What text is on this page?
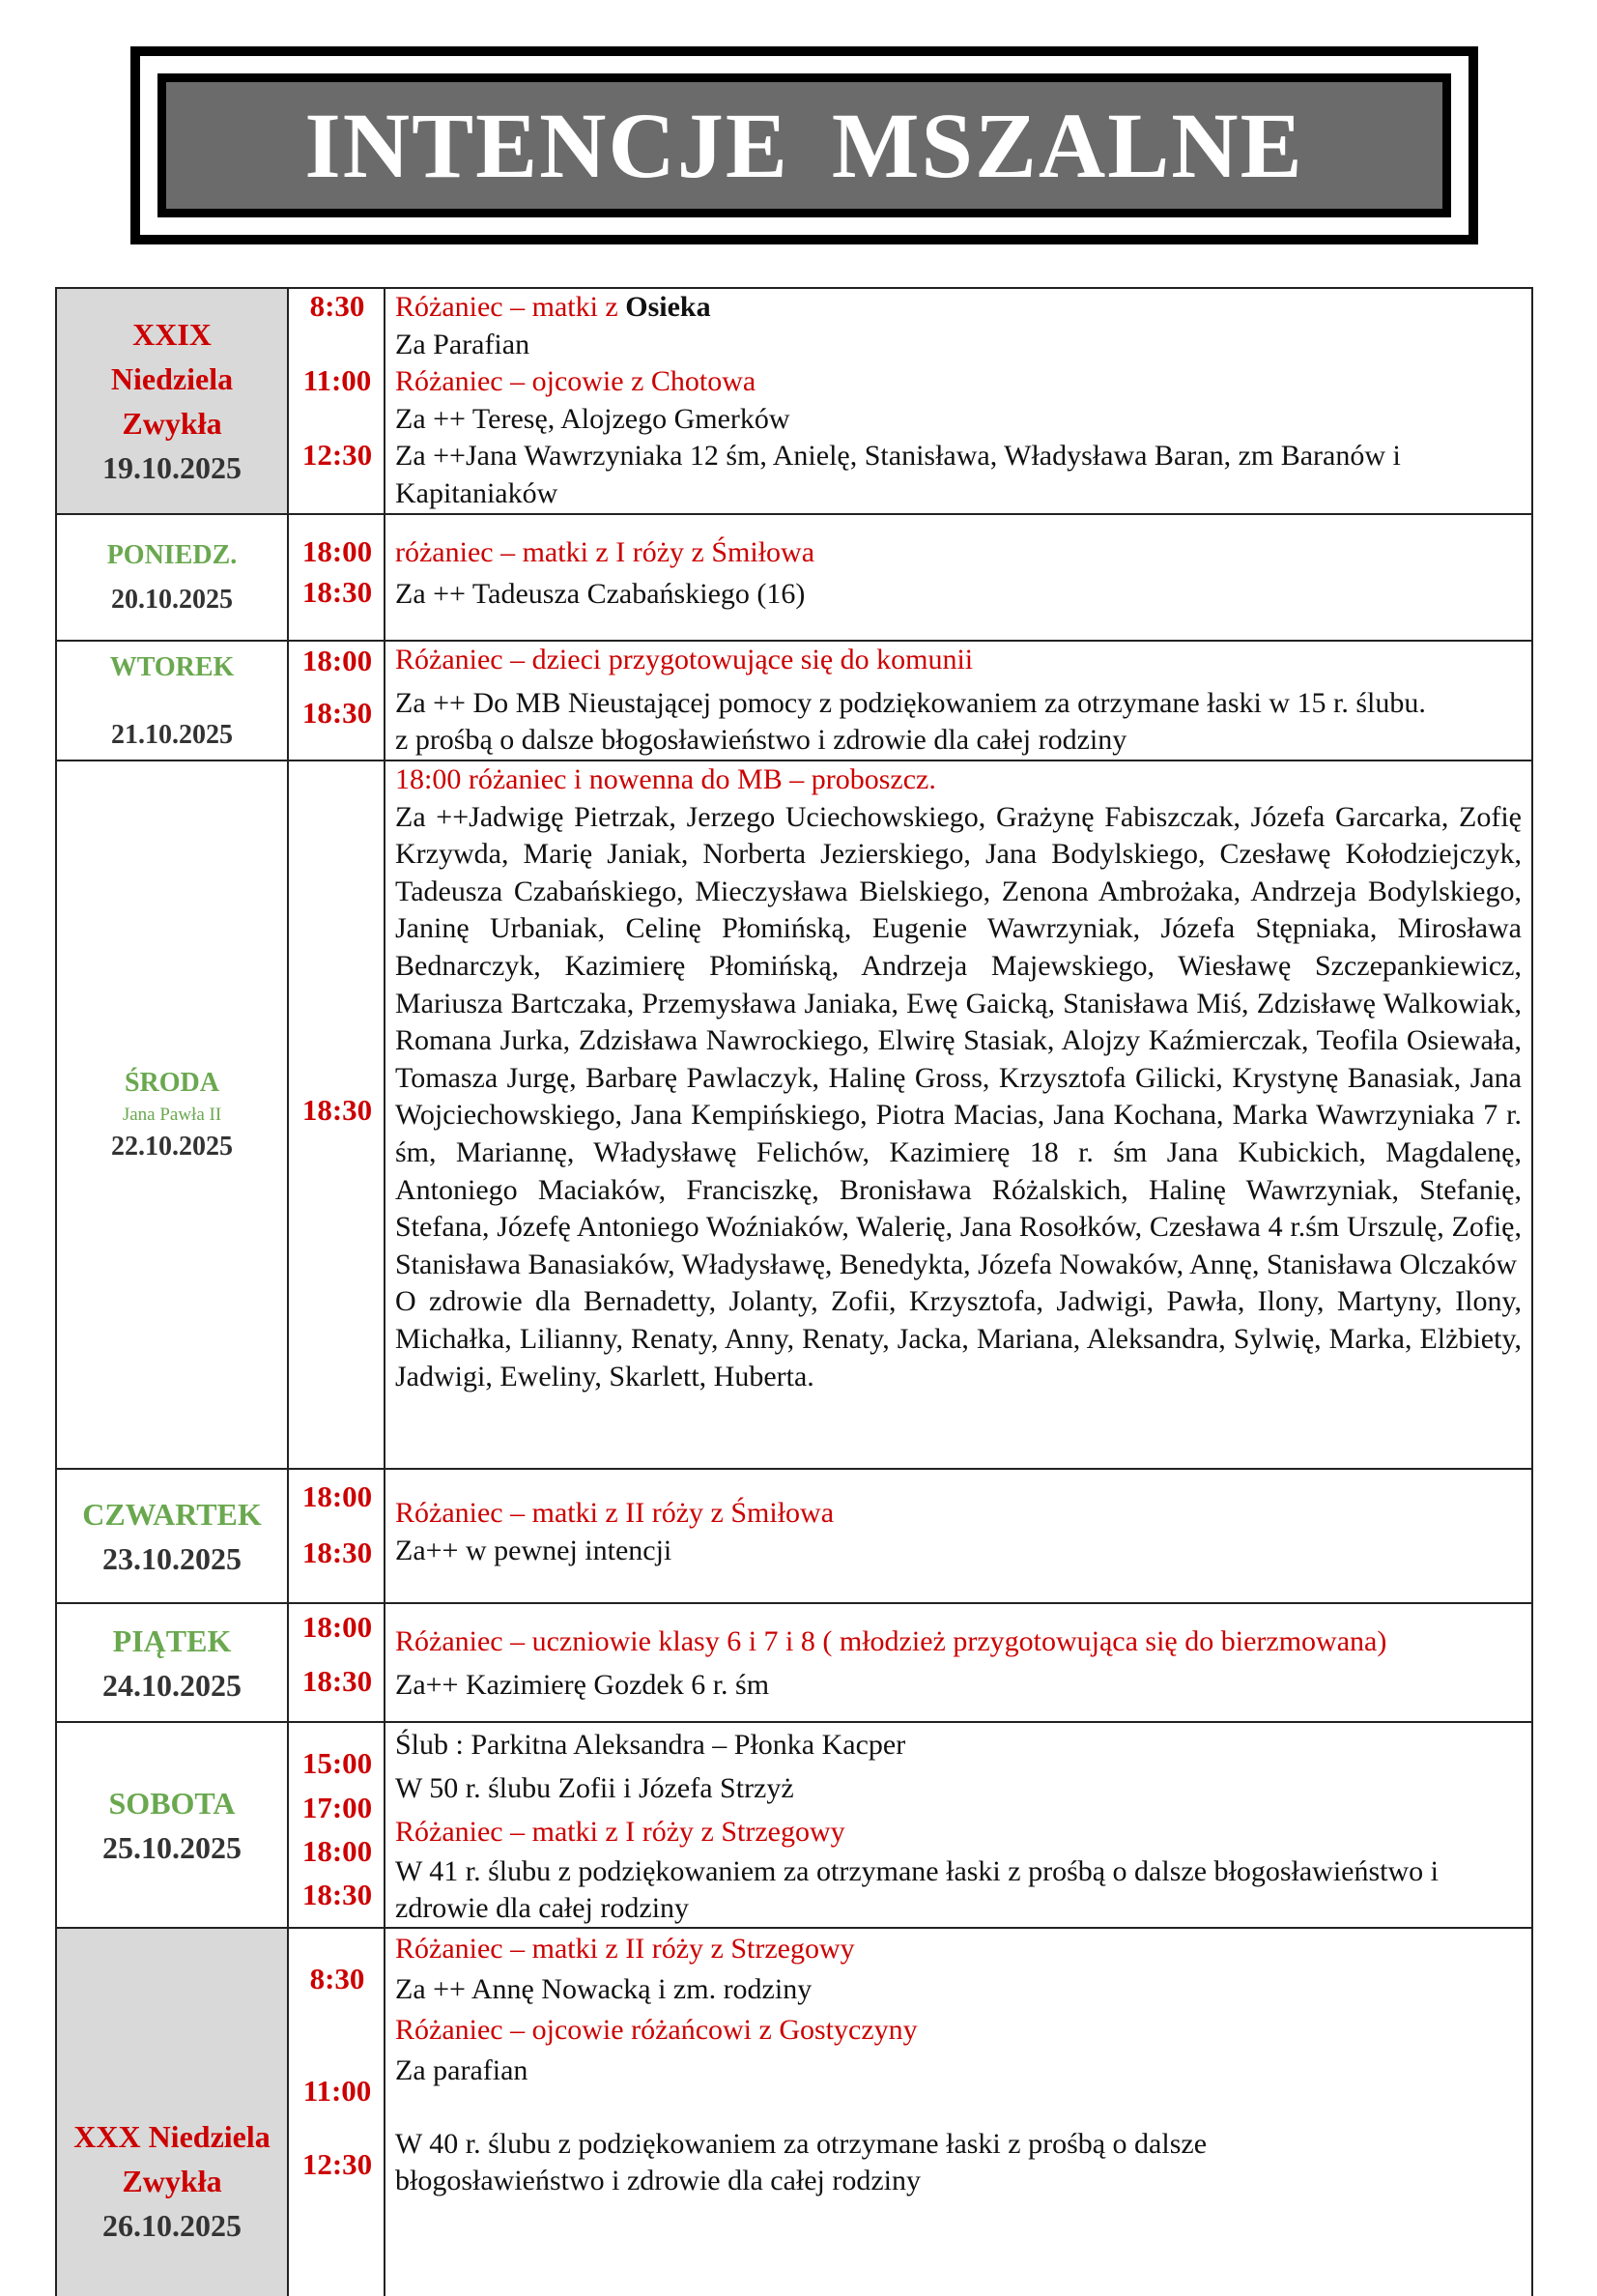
INTENCJE MSZALNE
XXIX
Niedziela
Zwykła
19.10.2025
8:30
11:00
12:30
Różaniec – matki z Osieka
Za Parafian
Różaniec – ojcowie z Chotowa
Za ++ Teresę, Alojzego Gmerków
Za ++Jana Wawrzyniaka 12 śm, Anielę, Stanisława, Władysława Baran, zm Baranów i Kapitaniaków
PONIEDZ.
20.10.2025
18:00
18:30
różaniec – matki z I róży z Śmiłowa
Za ++ Tadeusza Czabańskiego (16)
WTOREK
21.10.2025
18:00
18:30
Różaniec – dzieci przygotowujące się do komunii
Za ++ Do MB Nieustającej pomocy z podziękowaniem za otrzymane łaski w 15 r. ślubu.
z prośbą o dalsze błogosławieństwo i zdrowie dla całej rodziny
ŚRODA
Jana Pawła II
22.10.2025
18:30
18:00 różaniec i nowenna do MB – proboszcz.
Za ++Jadwigę Pietrzak, Jerzego Uciechowskiego, Grażynę Fabiszczak, Józefa Garcarka, Zofię Krzywda, Marię Janiak, Norberta Jezierskiego, Jana Bodylskiego, Czesławę Kołodziejczyk, Tadeusza Czabańskiego, Mieczysława Bielskiego, Zenona Ambrożaka, Andrzeja Bodylskiego, Janinę Urbaniak, Celinę Płomińską, Eugenie Wawrzyniak, Józefa Stępniaka, Mirosława Bednarczyk, Kazimierę Płomińską, Andrzeja Majewskiego, Wiesławę Szczepankiewicz, Mariusza Bartczaka, Przemysława Janiaka, Ewę Gaicką, Stanisława Miś, Zdzisławę Walkowiak, Romana Jurka, Zdzisława Nawrockiego, Elwirę Stasiak, Alojzy Kaźmierczak, Teofila Osiewała, Tomasza Jurgę, Barbarę Pawlaczyk, Halinę Gross, Krzysztofa Gilicki, Krystynę Banasiak, Jana Wojciechowskiego, Jana Kempińskiego, Piotra Macias, Jana Kochana, Marka Wawrzyniaka 7 r. śm, Mariannę, Władysławę Felichów, Kazimierę 18 r. śm Jana Kubickich, Magdalenę, Antoniego Maciaków, Franciszkę, Bronisława Różalskich, Halinę Wawrzyniak, Stefanię, Stefana, Józefę Antoniego Woźniaków, Walerię, Jana Rosołków, Czesława 4 r.śm Urszulę, Zofię, Stanisława Banasiaków, Władysławę, Benedykta, Józefa Nowaków, Annę, Stanisława Olczaków
O zdrowie dla Bernadetty, Jolanty, Zofii, Krzysztofa, Jadwigi, Pawła, Ilony, Martyny, Ilony, Michałka, Lilianny, Renaty, Anny, Renaty, Jacka, Mariana, Aleksandra, Sylwię, Marka, Elżbiety, Jadwigi, Eweliny, Skarlett, Huberta.
CZWARTEK
23.10.2025
18:00
18:30
Różaniec – matki z II róży z Śmiłowa
Za++ w pewnej intencji
PIĄTEK
24.10.2025
18:00
18:30
Różaniec – uczniowie klasy 6 i 7 i 8 ( młodzież przygotowująca się do bierzmowana)
Za++ Kazimierę Gozdek 6 r. śm
SOBOTA
25.10.2025
15:00
17:00
18:00
18:30
Ślub : Parkitna Aleksandra – Płonka Kacper
W 50 r. ślubu Zofii i Józefa Strzyż
Różaniec – matki z I róży z Strzegowy
W 41 r. ślubu z podziękowaniem za otrzymane łaski z prośbą o dalsze błogosławieństwo i zdrowie dla całej rodziny
XXX Niedziela
Zwykła
26.10.2025
8:30
11:00
12:30
Różaniec – matki z II róży z Strzegowy
Za ++ Annę Nowacką i zm. rodziny
Różaniec – ojcowie różańcowi z Gostyczyny
Za parafian
W 40 r. ślubu z podziękowaniem za otrzymane łaski z prośbą o dalsze błogosławieństwo i zdrowie dla całej rodziny
